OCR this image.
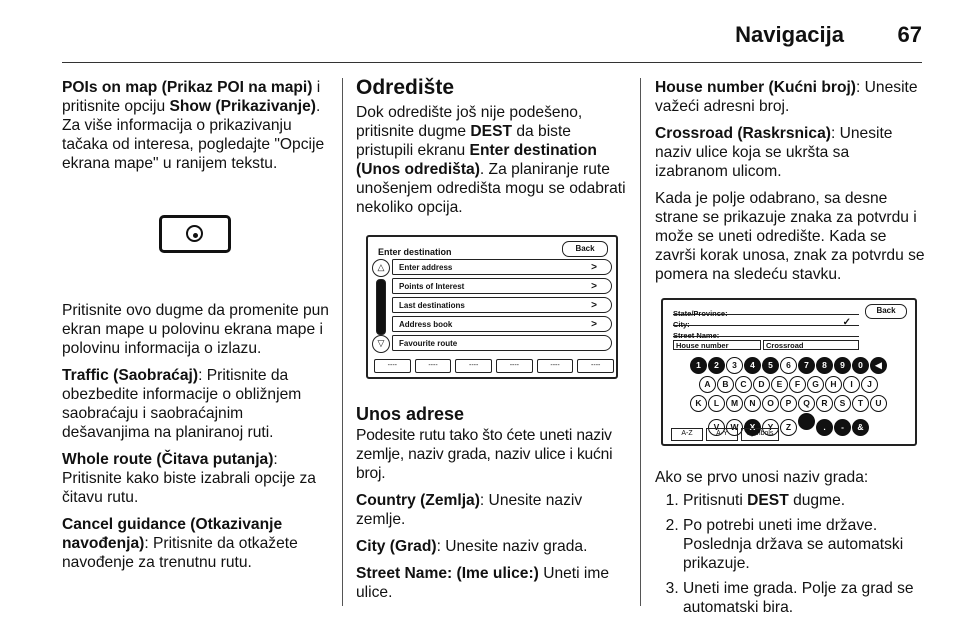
Navigacija 67

POIs on map (Prikaz POI na mapi) i pritisnite opciju Show (Prikazivanje). Za više informacija o prikazivanju tačaka od interesa, pogledajte "Opcije ekrana mape" u ranijem tekstu.

Pritisnite ovo dugme da promenite pun ekran mape u polovinu ekrana mape i polovinu informacija o izlazu.

Traffic (Saobraćaj): Pritisnite da obezbedite informacije o obližnjem saobraćaju i saobraćajnim dešavanjima na planiranoj ruti.

Whole route (Čitava putanja): Pritisnite kako biste izabrali opcije za čitavu rutu.

Cancel guidance (Otkazivanje navođenja): Pritisnite da otkažete navođenje za trenutnu rutu.

Odredište

Dok odredište još nije podešeno, pritisnite dugme DEST da biste pristupili ekranu Enter destination (Unos odredišta). Za planiranje rute unošenjem odredišta mogu se odabrati nekoliko opcija.

Enter destination	Back
△
▽
Enter address	>
Points of Interest	>
Last destinations	>
Address book	>
Favourite route
----	----	----	----	----	----
Unos adrese

Podesite rutu tako što ćete uneti naziv zemlje, naziv grada, naziv ulice i kućni broj.

Country (Zemlja): Unesite naziv zemlje.

City (Grad): Unesite naziv grada.

Street Name: (Ime ulice:) Uneti ime ulice.

House number (Kućni broj): Unesite važeći adresni broj.

Crossroad (Raskrsnica): Unesite naziv ulice koja se ukršta sa izabranom ulicom.

Kada je polje odabrano, sa desne strane se prikazuje znaka za potvrdu i može se uneti odredište. Kada se završi korak unosa, znak za potvrdu se pomera na sledeću stavku.

State/Province:
City:	✓
Street Name:
Back
House number	Crossroad
1 2 3 4 5 6 7 8 9 0 ◀
A B C D E F G H I J
K L M N O P Q R S T U
V W X Y Z	. - &
A-Z	Á-Ÿ	Symbols

Ako se prvo unosi naziv grada:

1. Pritisnuti DEST dugme.
2. Po potrebi uneti ime države. Poslednja država se automatski prikazuje.
3. Uneti ime grada. Polje za grad se automatski bira.
